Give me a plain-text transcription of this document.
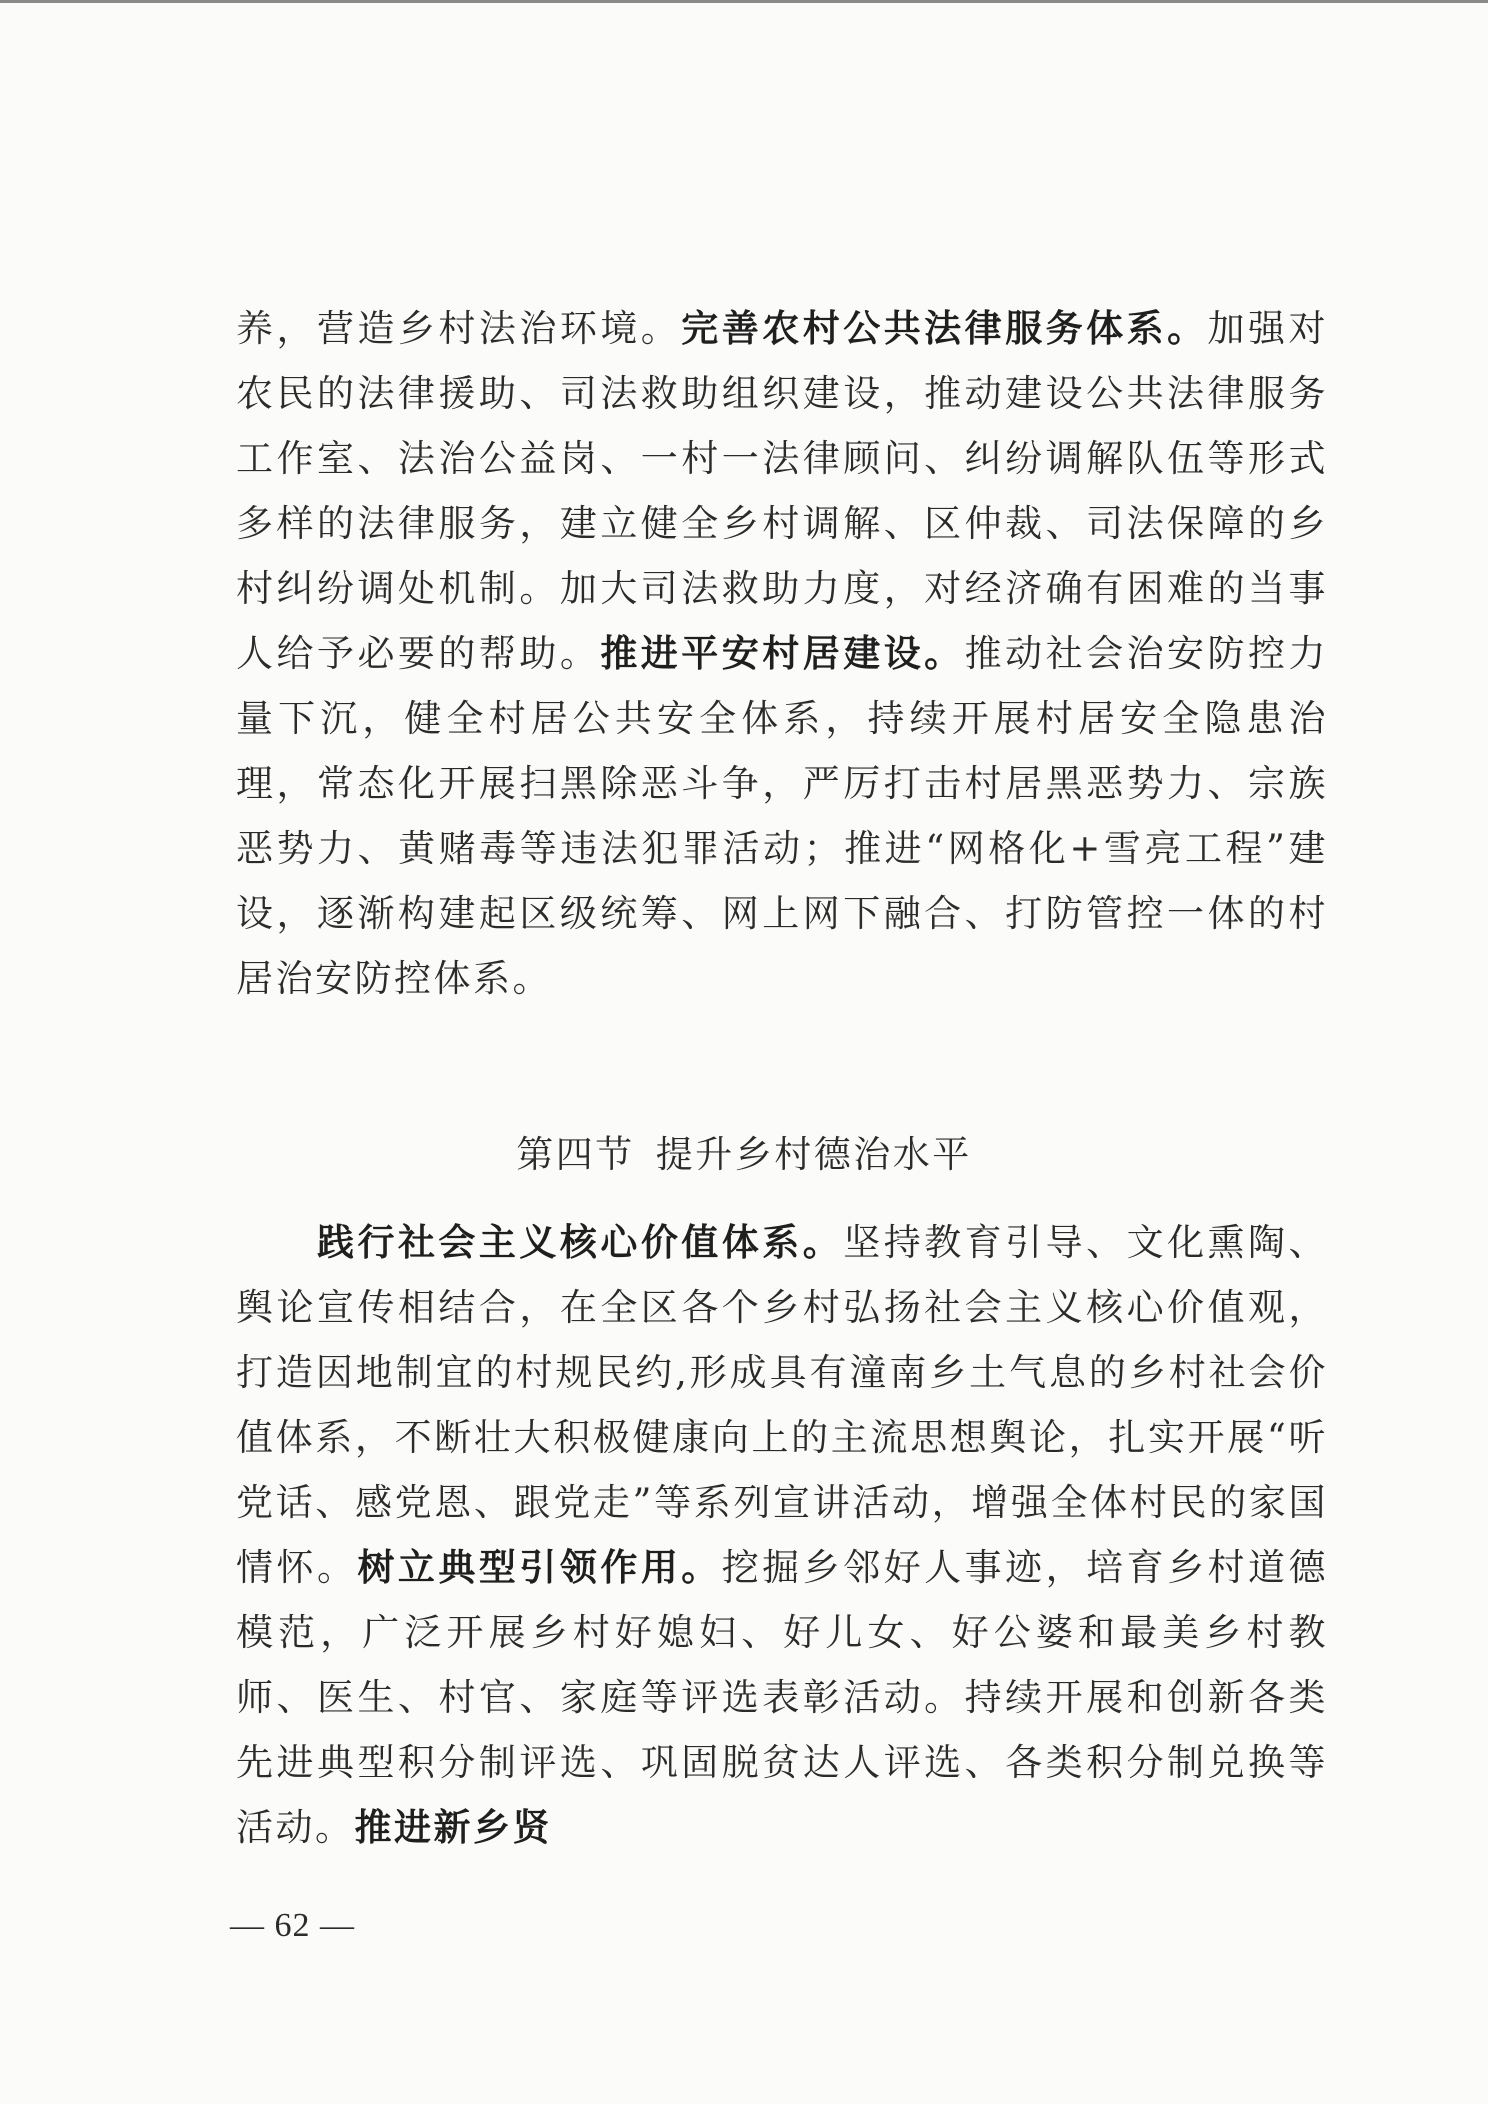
养，营造乡村法治环境。完善农村公共法律服务体系。加强对农民的法律援助、司法救助组织建设，推动建设公共法律服务工作室、法治公益岗、一村一法律顾问、纠纷调解队伍等形式多样的法律服务，建立健全乡村调解、区仲裁、司法保障的乡村纠纷调处机制。加大司法救助力度，对经济确有困难的当事人给予必要的帮助。推进平安村居建设。推动社会治安防控力量下沉，健全村居公共安全体系，持续开展村居安全隐患治理，常态化开展扫黑除恶斗争，严厉打击村居黑恶势力、宗族恶势力、黄赌毒等违法犯罪活动；推进“网格化+雪亮工程”建设，逐渐构建起区级统筹、网上网下融合、打防管控一体的村居治安防控体系。

第四节  提升乡村德治水平

践行社会主义核心价值体系。坚持教育引导、文化熏陶、舆论宣传相结合，在全区各个乡村弘扬社会主义核心价值观，打造因地制宜的村规民约,形成具有潼南乡土气息的乡村社会价值体系，不断壮大积极健康向上的主流思想舆论，扎实开展“听党话、感党恩、跟党走”等系列宣讲活动，增强全体村民的家国情怀。树立典型引领作用。挖掘乡邻好人事迹，培育乡村道德模范，广泛开展乡村好媳妇、好儿女、好公婆和最美乡村教师、医生、村官、家庭等评选表彰活动。持续开展和创新各类先进典型积分制评选、巩固脱贫达人评选、各类积分制兑换等活动。推进新乡贤

— 62 —
